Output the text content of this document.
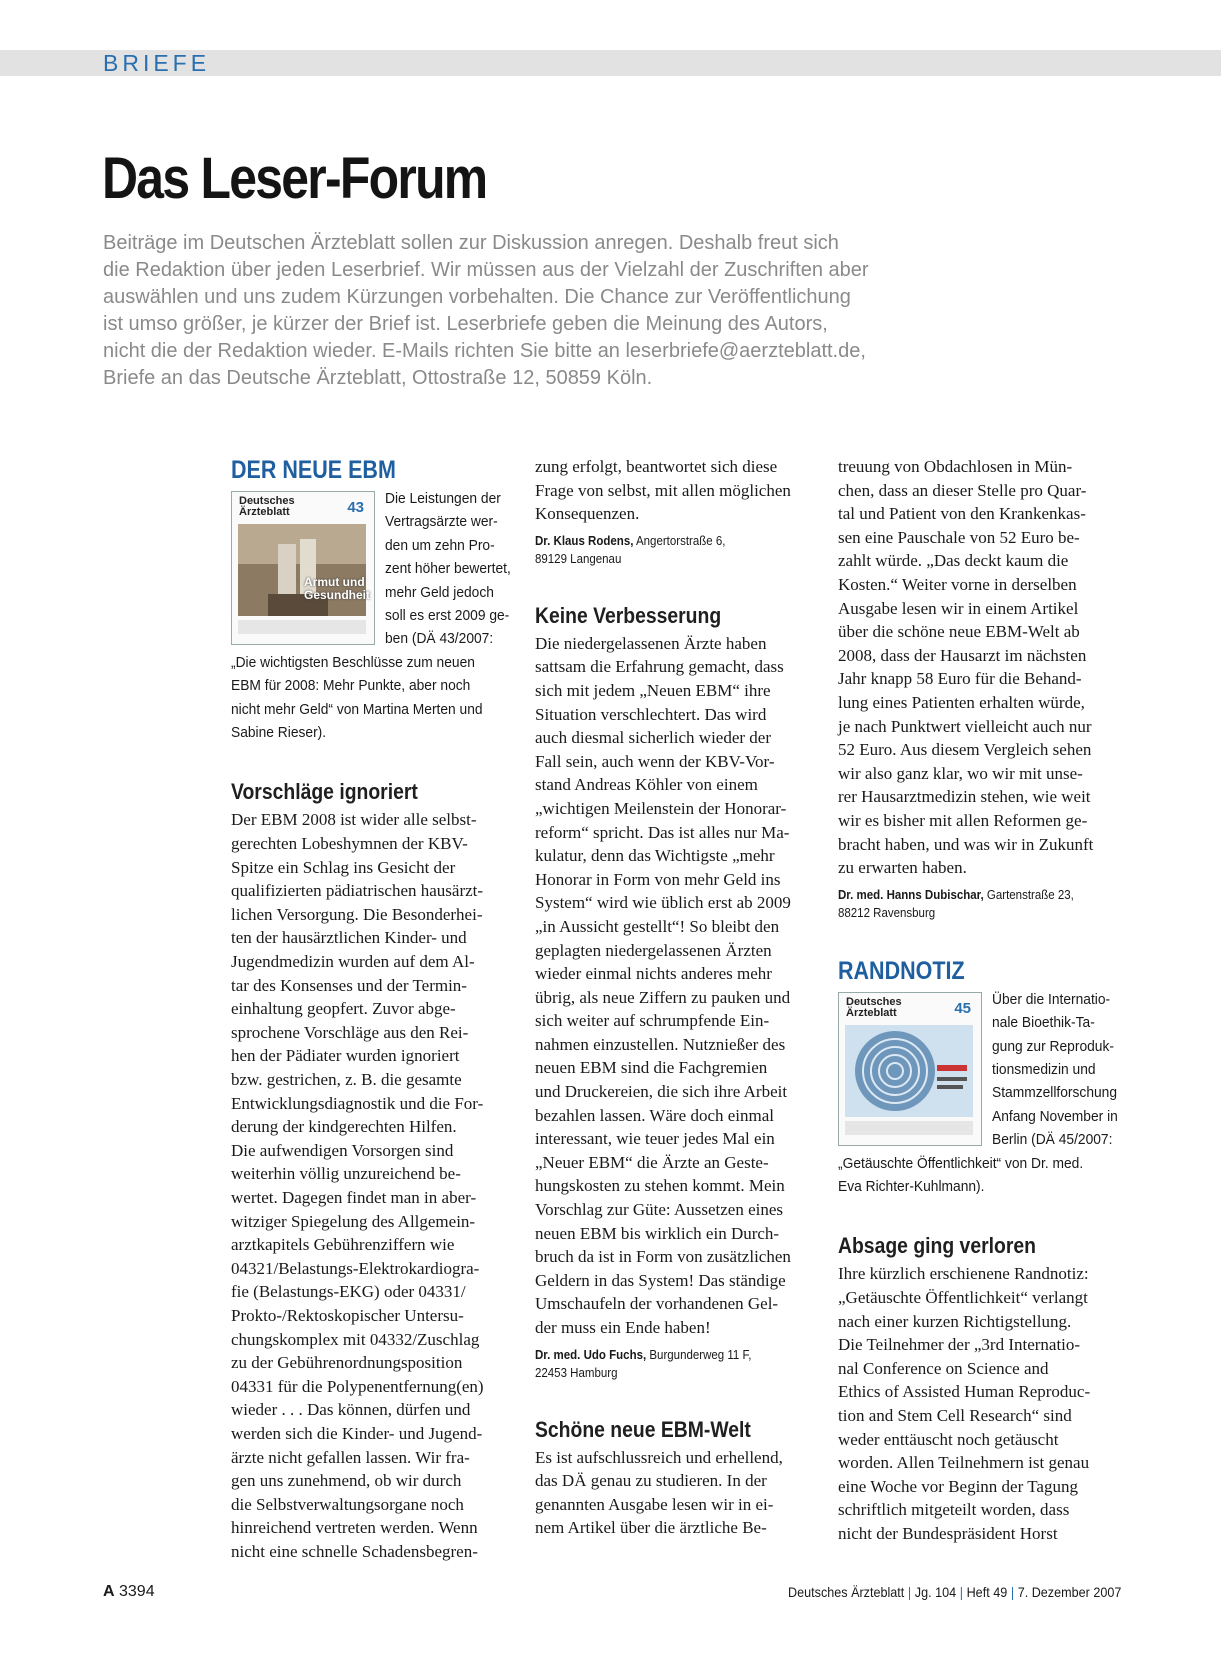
BRIEFE
Das Leser-Forum
Beiträge im Deutschen Ärzteblatt sollen zur Diskussion anregen. Deshalb freut sich
die Redaktion über jeden Leserbrief. Wir müssen aus der Vielzahl der Zuschriften aber
auswählen und uns zudem Kürzungen vorbehalten. Die Chance zur Veröffentlichung
ist umso größer, je kürzer der Brief ist. Leserbriefe geben die Meinung des Autors,
nicht die der Redaktion wieder. E-Mails richten Sie bitte an leserbriefe@aerzteblatt.de,
Briefe an das Deutsche Ärzteblatt, Ottostraße 12, 50859 Köln.
DER NEUE EBM
Deutsches
Ärzteblatt	43
Armut und
Gesundheit
Die Leistungen der
Vertragsärzte wer-
den um zehn Pro-
zent höher bewertet,
mehr Geld jedoch
soll es erst 2009 ge-
ben (DÄ 43/2007:
„Die wichtigsten Beschlüsse zum neuen
EBM für 2008: Mehr Punkte, aber noch
nicht mehr Geld“ von Martina Merten und
Sabine Rieser).
Vorschläge ignoriert
Der EBM 2008 ist wider alle selbst-
gerechten Lobeshymnen der KBV-
Spitze ein Schlag ins Gesicht der
qualifizierten pädiatrischen hausärzt-
lichen Versorgung. Die Besonderhei-
ten der hausärztlichen Kinder- und
Jugendmedizin wurden auf dem Al-
tar des Konsenses und der Termin-
einhaltung geopfert. Zuvor abge-
sprochene Vorschläge aus den Rei-
hen der Pädiater wurden ignoriert
bzw. gestrichen, z. B. die gesamte
Entwicklungsdiagnostik und die For-
derung der kindgerechten Hilfen.
Die aufwendigen Vorsorgen sind
weiterhin völlig unzureichend be-
wertet. Dagegen findet man in aber-
witziger Spiegelung des Allgemein-
arztkapitels Gebührenziffern wie
04321/Belastungs-Elektrokardiogra-
fie (Belastungs-EKG) oder 04331/
Prokto-/Rektoskopischer Untersu-
chungskomplex mit 04332/Zuschlag
zu der Gebührenordnungsposition
04331 für die Polypenentfernung(en)
wieder . . . Das können, dürfen und
werden sich die Kinder- und Jugend-
ärzte nicht gefallen lassen. Wir fra-
gen uns zunehmend, ob wir durch
die Selbstverwaltungsorgane noch
hinreichend vertreten werden. Wenn
nicht eine schnelle Schadensbegren-
zung erfolgt, beantwortet sich diese
Frage von selbst, mit allen möglichen
Konsequenzen.
Dr. Klaus Rodens, Angertorstraße 6,
89129 Langenau
Keine Verbesserung
Die niedergelassenen Ärzte haben
sattsam die Erfahrung gemacht, dass
sich mit jedem „Neuen EBM“ ihre
Situation verschlechtert. Das wird
auch diesmal sicherlich wieder der
Fall sein, auch wenn der KBV-Vor-
stand Andreas Köhler von einem
„wichtigen Meilenstein der Honorar-
reform“ spricht. Das ist alles nur Ma-
kulatur, denn das Wichtigste „mehr
Honorar in Form von mehr Geld ins
System“ wird wie üblich erst ab 2009
„in Aussicht gestellt“! So bleibt den
geplagten niedergelassenen Ärzten
wieder einmal nichts anderes mehr
übrig, als neue Ziffern zu pauken und
sich weiter auf schrumpfende Ein-
nahmen einzustellen. Nutznießer des
neuen EBM sind die Fachgremien
und Druckereien, die sich ihre Arbeit
bezahlen lassen. Wäre doch einmal
interessant, wie teuer jedes Mal ein
„Neuer EBM“ die Ärzte an Geste-
hungskosten zu stehen kommt. Mein
Vorschlag zur Güte: Aussetzen eines
neuen EBM bis wirklich ein Durch-
bruch da ist in Form von zusätzlichen
Geldern in das System! Das ständige
Umschaufeln der vorhandenen Gel-
der muss ein Ende haben!
Dr. med. Udo Fuchs, Burgunderweg 11 F,
22453 Hamburg
Schöne neue EBM-Welt
Es ist aufschlussreich und erhellend,
das DÄ genau zu studieren. In der
genannten Ausgabe lesen wir in ei-
nem Artikel über die ärztliche Be-
treuung von Obdachlosen in Mün-
chen, dass an dieser Stelle pro Quar-
tal und Patient von den Krankenkas-
sen eine Pauschale von 52 Euro be-
zahlt würde. „Das deckt kaum die
Kosten.“ Weiter vorne in derselben
Ausgabe lesen wir in einem Artikel
über die schöne neue EBM-Welt ab
2008, dass der Hausarzt im nächsten
Jahr knapp 58 Euro für die Behand-
lung eines Patienten erhalten würde,
je nach Punktwert vielleicht auch nur
52 Euro. Aus diesem Vergleich sehen
wir also ganz klar, wo wir mit unse-
rer Hausarztmedizin stehen, wie weit
wir es bisher mit allen Reformen ge-
bracht haben, und was wir in Zukunft
zu erwarten haben.
Dr. med. Hanns Dubischar, Gartenstraße 23,
88212 Ravensburg
RANDNOTIZ
Deutsches
Ärzteblatt	45
Über die Internatio-
nale Bioethik-Ta-
gung zur Reproduk-
tionsmedizin und
Stammzellforschung
Anfang November in
Berlin (DÄ 45/2007:
„Getäuschte Öffentlichkeit“ von Dr. med.
Eva Richter-Kuhlmann).
Absage ging verloren
Ihre kürzlich erschienene Randnotiz:
„Getäuschte Öffentlichkeit“ verlangt
nach einer kurzen Richtigstellung.
Die Teilnehmer der „3rd Internatio-
nal Conference on Science and
Ethics of Assisted Human Reproduc-
tion and Stem Cell Research“ sind
weder enttäuscht noch getäuscht
worden. Allen Teilnehmern ist genau
eine Woche vor Beginn der Tagung
schriftlich mitgeteilt worden, dass
nicht der Bundespräsident Horst
A 3394	Deutsches Ärzteblatt | Jg. 104 | Heft 49 | 7. Dezember 2007
